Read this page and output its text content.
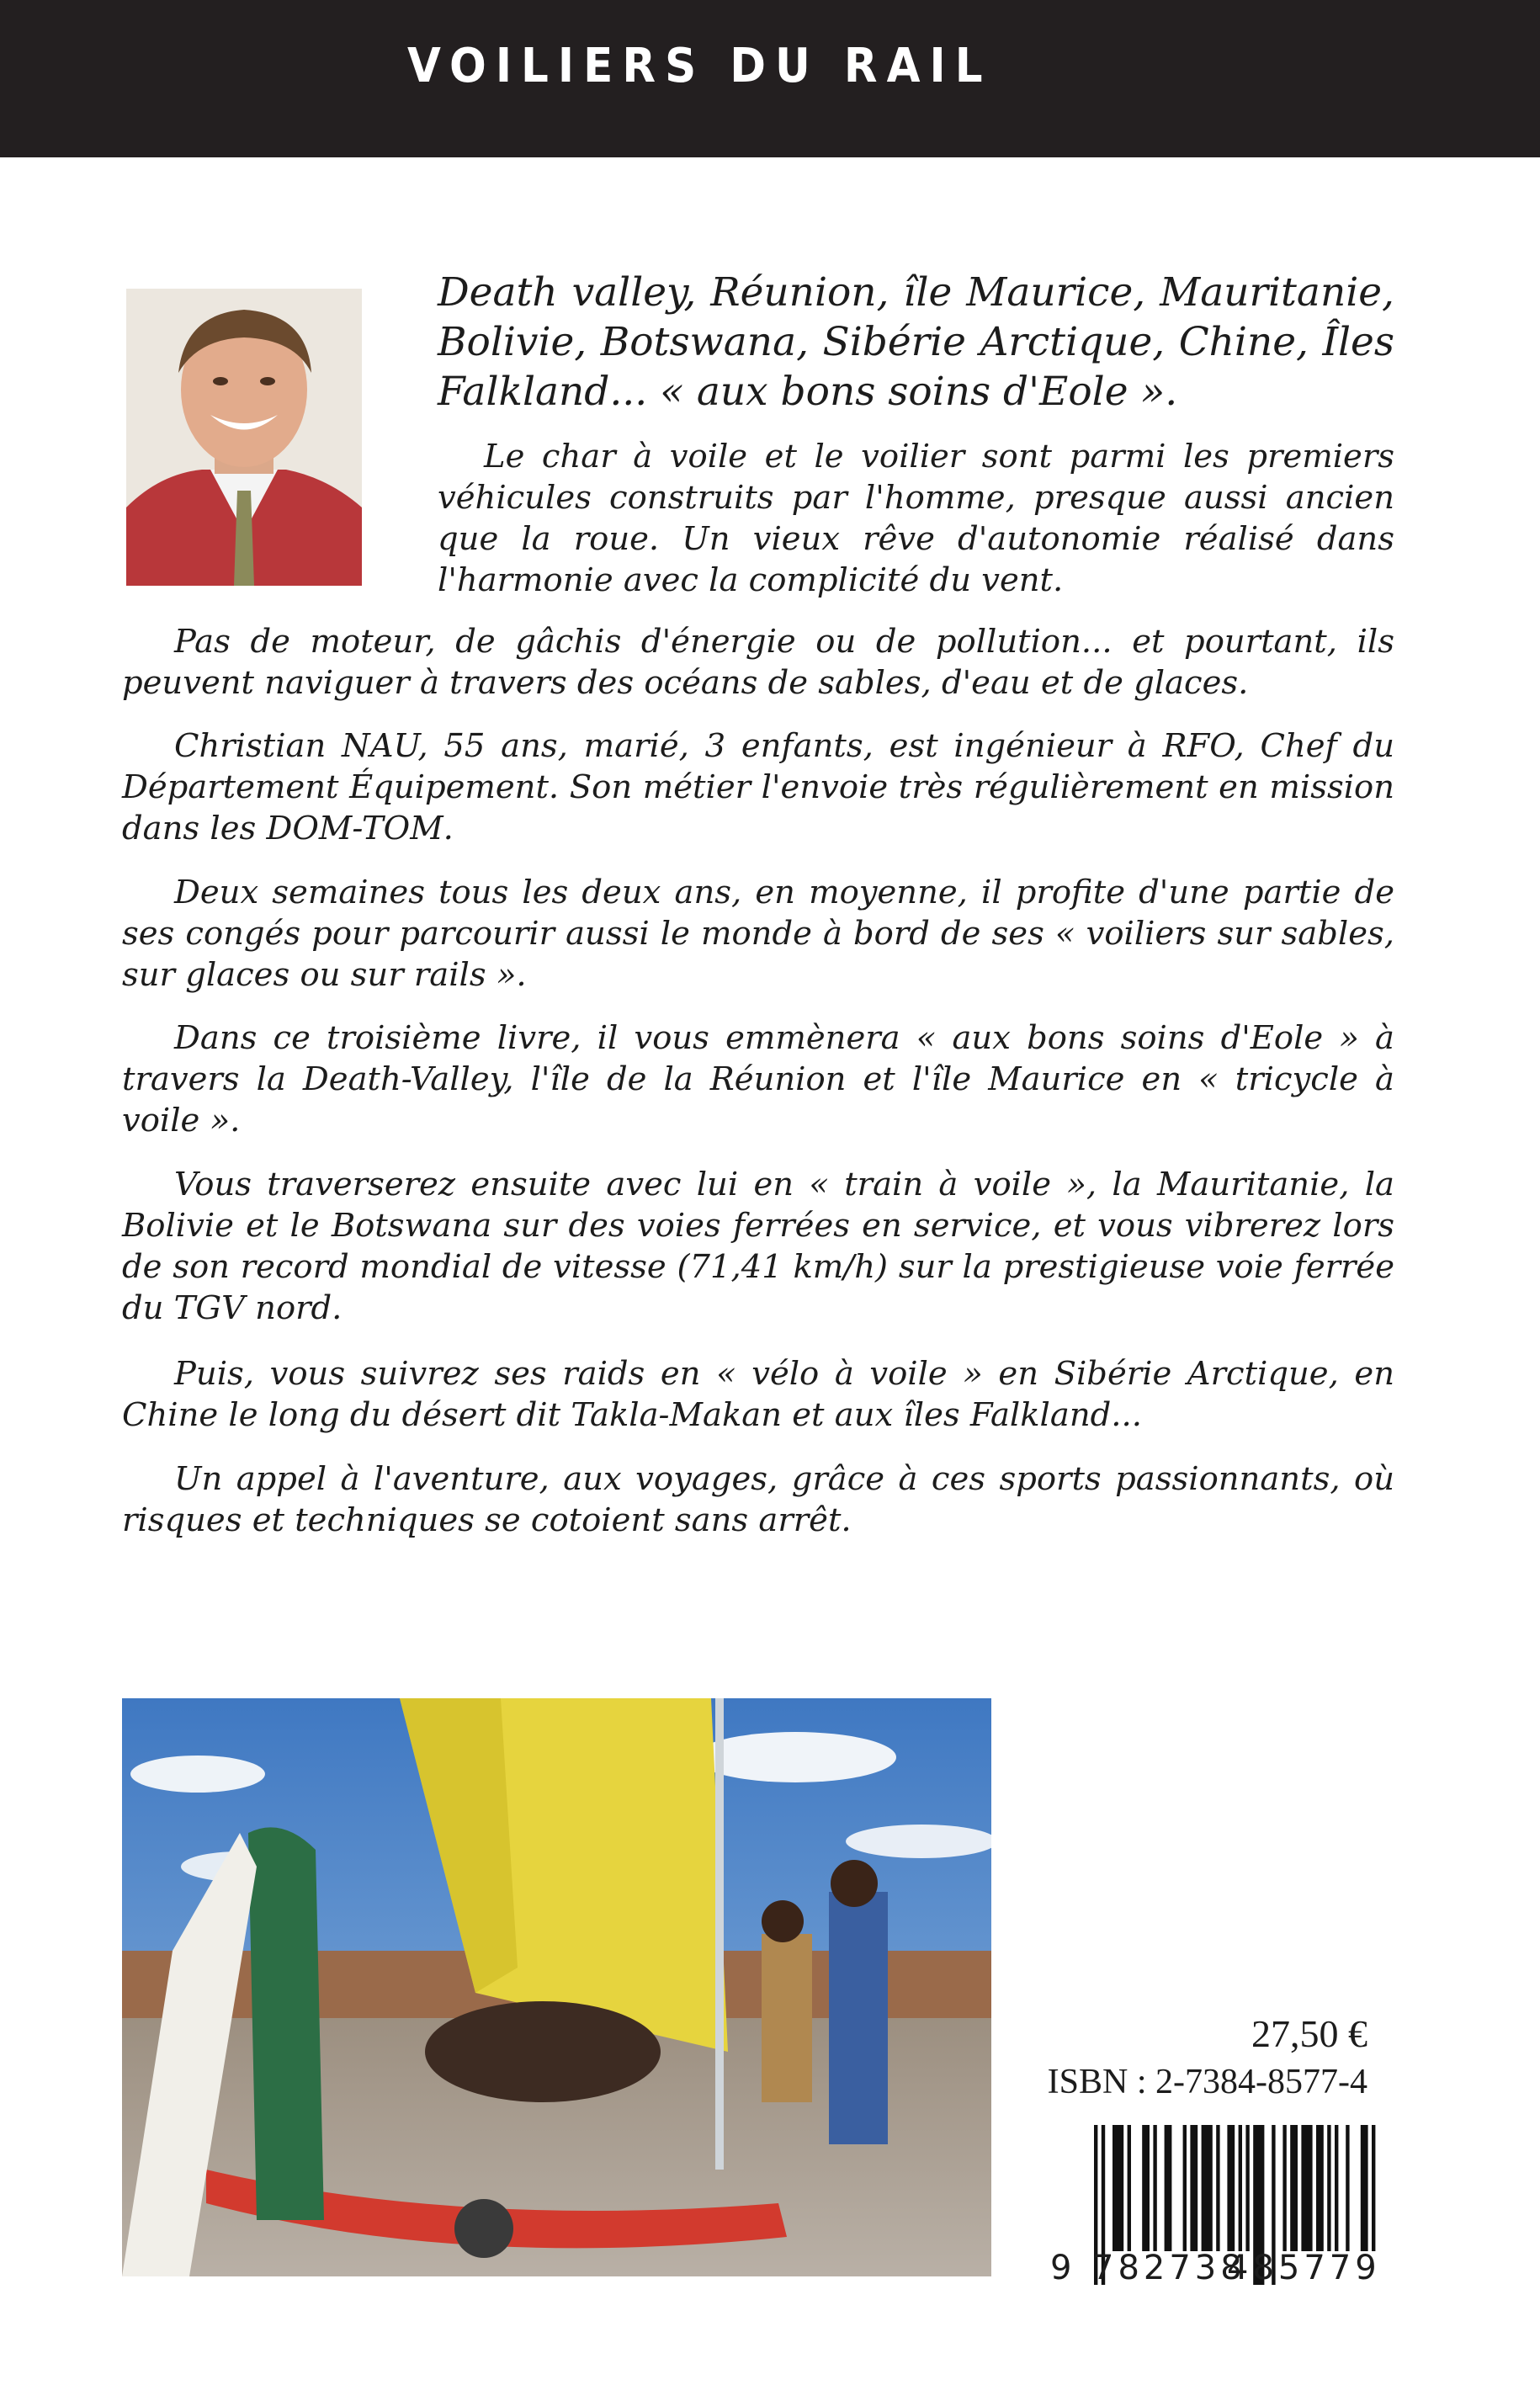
VOILIERS DU RAIL

Death valley, Réunion, île Maurice, Mauritanie, Bolivie, Botswana, Sibérie Arctique, Chine, Îles Falkland... « aux bons soins d'Eole ».

Le char à voile et le voilier sont parmi les premiers véhicules construits par l'homme, presque aussi ancien que la roue. Un vieux rêve d'autonomie réalisé dans l'harmonie avec la complicité du vent.

Pas de moteur, de gâchis d'énergie ou de pollution... et pourtant, ils peuvent naviguer à travers des océans de sables, d'eau et de glaces.

Christian NAU, 55 ans, marié, 3 enfants, est ingénieur à RFO, Chef du Département Équipement. Son métier l'envoie très régulièrement en mission dans les DOM-TOM.

Deux semaines tous les deux ans, en moyenne, il profite d'une partie de ses congés pour parcourir aussi le monde à bord de ses « voiliers sur sables, sur glaces ou sur rails ».

Dans ce troisième livre, il vous emmènera « aux bons soins d'Eole » à travers la Death-Valley, l'île de la Réunion et l'île Maurice en « tricycle à voile ».

Vous traverserez ensuite avec lui en « train à voile », la Mauritanie, la Bolivie et le Botswana sur des voies ferrées en service, et vous vibrerez lors de son record mondial de vitesse (71,41 km/h) sur la prestigieuse voie ferrée du TGV nord.

Puis, vous suivrez ses raids en « vélo à voile » en Sibérie Arctique, en Chine le long du désert dit Takla-Makan et aux îles Falkland...

Un appel à l'aventure, aux voyages, grâce à ces sports passionnants, où risques et techniques se cotoient sans arrêt.

27,50 €
ISBN : 2-7384-8577-4
9 782738
485779
